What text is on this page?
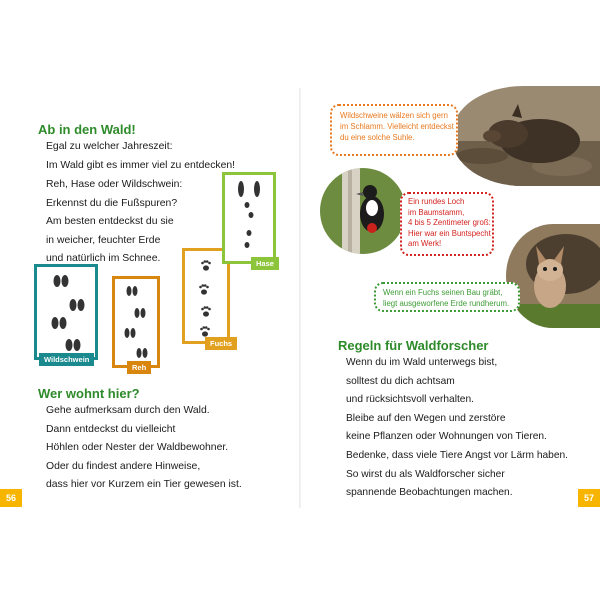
Ab in den Wald!
Egal zu welcher Jahreszeit:
Im Wald gibt es immer viel zu entdecken!
Reh, Hase oder Wildschwein:
Erkennst du die Fußspuren?
Am besten entdeckst du sie
in weicher, feuchter Erde
und natürlich im Schnee.
Wildschwein
Reh
Fuchs
Hase
Wer wohnt hier?
Gehe aufmerksam durch den Wald.
Dann entdeckst du vielleicht
Höhlen oder Nester der Waldbewohner.
Oder du findest andere Hinweise,
dass hier vor Kurzem ein Tier gewesen ist.
56
Wildschweine wälzen sich gern
im Schlamm. Vielleicht entdeckst
du eine solche Suhle.
Ein rundes Loch
im Baumstamm,
4 bis 5 Zentimeter groß:
Hier war ein Buntspecht
am Werk!
Wenn ein Fuchs seinen Bau gräbt,
liegt ausgeworfene Erde rundherum.
Regeln für Waldforscher
Wenn du im Wald unterwegs bist,
solltest du dich achtsam
und rücksichtsvoll verhalten.
Bleibe auf den Wegen und zerstöre
keine Pflanzen oder Wohnungen von Tieren.
Bedenke, dass viele Tiere Angst vor Lärm haben.
So wirst du als Waldforscher sicher
spannende Beobachtungen machen.	57
